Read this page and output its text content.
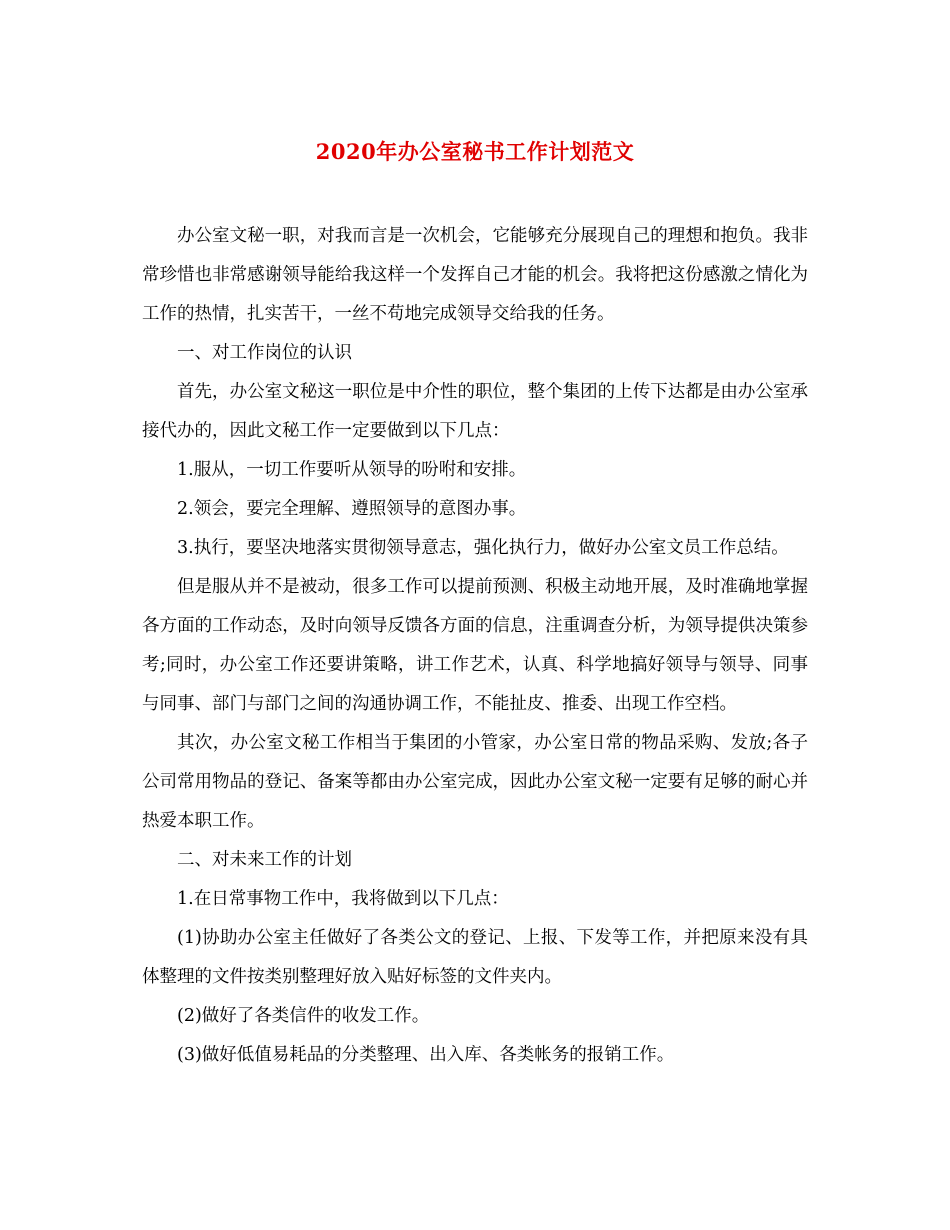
2020年办公室秘书工作计划范文

办公室文秘一职，对我而言是一次机会，它能够充分展现自己的理想和抱负。我非常珍惜也非常感谢领导能给我这样一个发挥自己才能的机会。我将把这份感激之情化为工作的热情，扎实苦干，一丝不苟地完成领导交给我的任务。

一、对工作岗位的认识

首先，办公室文秘这一职位是中介性的职位，整个集团的上传下达都是由办公室承接代办的，因此文秘工作一定要做到以下几点：

1.服从，一切工作要听从领导的吩咐和安排。

2.领会，要完全理解、遵照领导的意图办事。

3.执行，要坚决地落实贯彻领导意志，强化执行力，做好办公室文员工作总结。

但是服从并不是被动，很多工作可以提前预测、积极主动地开展，及时准确地掌握各方面的工作动态，及时向领导反馈各方面的信息，注重调查分析，为领导提供决策参考;同时，办公室工作还要讲策略，讲工作艺术，认真、科学地搞好领导与领导、同事与同事、部门与部门之间的沟通协调工作，不能扯皮、推委、出现工作空档。

其次，办公室文秘工作相当于集团的小管家，办公室日常的物品采购、发放;各子公司常用物品的登记、备案等都由办公室完成，因此办公室文秘一定要有足够的耐心并热爱本职工作。

二、对未来工作的计划

1.在日常事物工作中，我将做到以下几点：

(1)协助办公室主任做好了各类公文的登记、上报、下发等工作，并把原来没有具体整理的文件按类别整理好放入贴好标签的文件夹内。

(2)做好了各类信件的收发工作。

(3)做好低值易耗品的分类整理、出入库、各类帐务的报销工作。
